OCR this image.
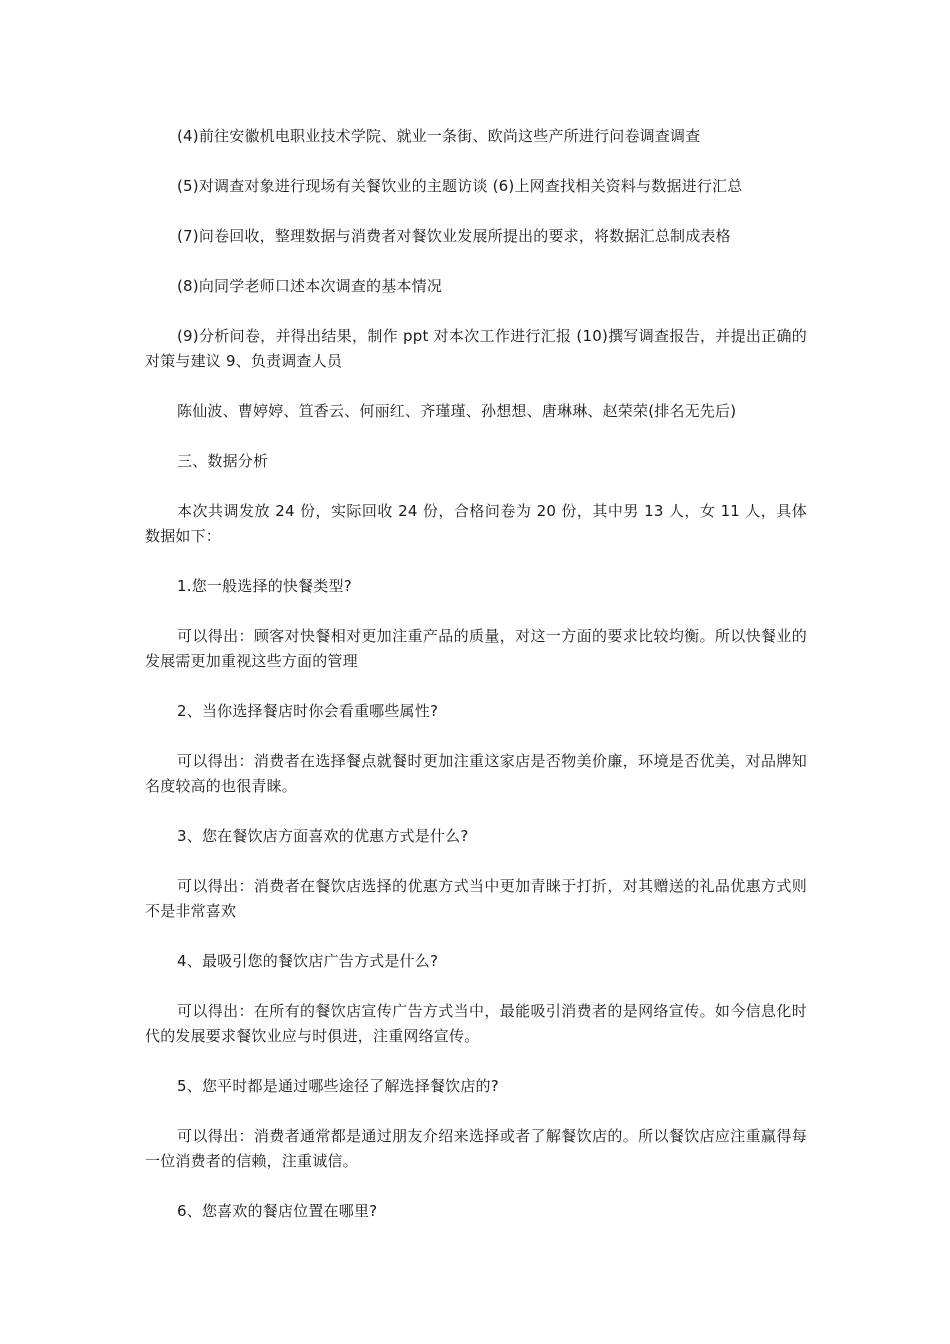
(4)前往安徽机电职业技术学院、就业一条街、欧尚这些产所进行问卷调查调查

(5)对调查对象进行现场有关餐饮业的主题访谈 (6)上网查找相关资料与数据进行汇总

(7)问卷回收，整理数据与消费者对餐饮业发展所提出的要求，将数据汇总制成表格

(8)向同学老师口述本次调查的基本情况

(9)分析问卷，并得出结果，制作 ppt 对本次工作进行汇报 (10)撰写调查报告，并提出正确的对策与建议 9、负责调查人员

陈仙波、曹婷婷、笪香云、何丽红、齐瑾瑾、孙想想、唐琳琳、赵荣荣(排名无先后)

三、数据分析

本次共调发放 24 份，实际回收 24 份，合格问卷为 20 份，其中男 13 人，女 11 人，具体数据如下：

1.您一般选择的快餐类型?

可以得出：顾客对快餐相对更加注重产品的质量，对这一方面的要求比较均衡。所以快餐业的发展需更加重视这些方面的管理

2、当你选择餐店时你会看重哪些属性?

可以得出：消费者在选择餐点就餐时更加注重这家店是否物美价廉，环境是否优美，对品牌知名度较高的也很青睐。

3、您在餐饮店方面喜欢的优惠方式是什么?

可以得出：消费者在餐饮店选择的优惠方式当中更加青睐于打折，对其赠送的礼品优惠方式则不是非常喜欢

4、最吸引您的餐饮店广告方式是什么?

可以得出：在所有的餐饮店宣传广告方式当中，最能吸引消费者的是网络宣传。如今信息化时代的发展要求餐饮业应与时俱进，注重网络宣传。

5、您平时都是通过哪些途径了解选择餐饮店的?

可以得出：消费者通常都是通过朋友介绍来选择或者了解餐饮店的。所以餐饮店应注重赢得每一位消费者的信赖，注重诚信。

6、您喜欢的餐店位置在哪里?
